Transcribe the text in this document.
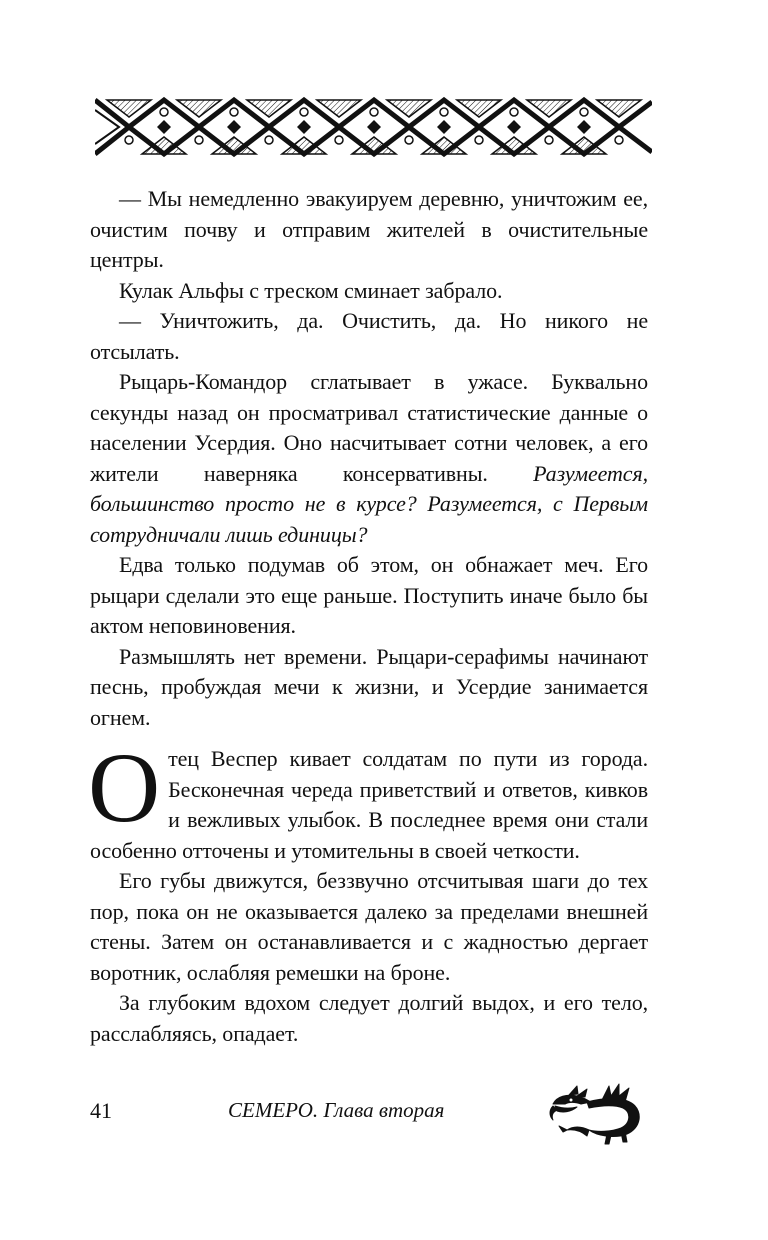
— Мы немедленно эвакуируем деревню, уничтожим ее, очистим почву и отправим жителей в очистительные центры.

Кулак Альфы с треском сминает забрало.

— Уничтожить, да. Очистить, да. Но никого не отсылать.

Рыцарь-Командор сглатывает в ужасе. Буквально секунды назад он просматривал статистические данные о населении Усердия. Оно насчитывает сотни человек, а его жители наверняка консервативны. Разумеется, большинство просто не в курсе? Разумеется, с Первым сотрудничали лишь единицы?

Едва только подумав об этом, он обнажает меч. Его рыцари сделали это еще раньше. Поступить иначе было бы актом неповиновения.

Размышлять нет времени. Рыцари-серафимы начинают песнь, пробуждая мечи к жизни, и Усердие занимается огнем.

Отец Веспер кивает солдатам по пути из города. Бесконечная череда приветствий и ответов, кивков и вежливых улыбок. В последнее время они стали особенно отточены и утомительны в своей четкости.

Его губы движутся, беззвучно отсчитывая шаги до тех пор, пока он не оказывается далеко за пределами внешней стены. Затем он останавливается и с жадностью дергает воротник, ослабляя ремешки на броне.

За глубоким вдохом следует долгий выдох, и его тело, расслабляясь, опадает.

41	СЕМЕРО. Глава вторая
